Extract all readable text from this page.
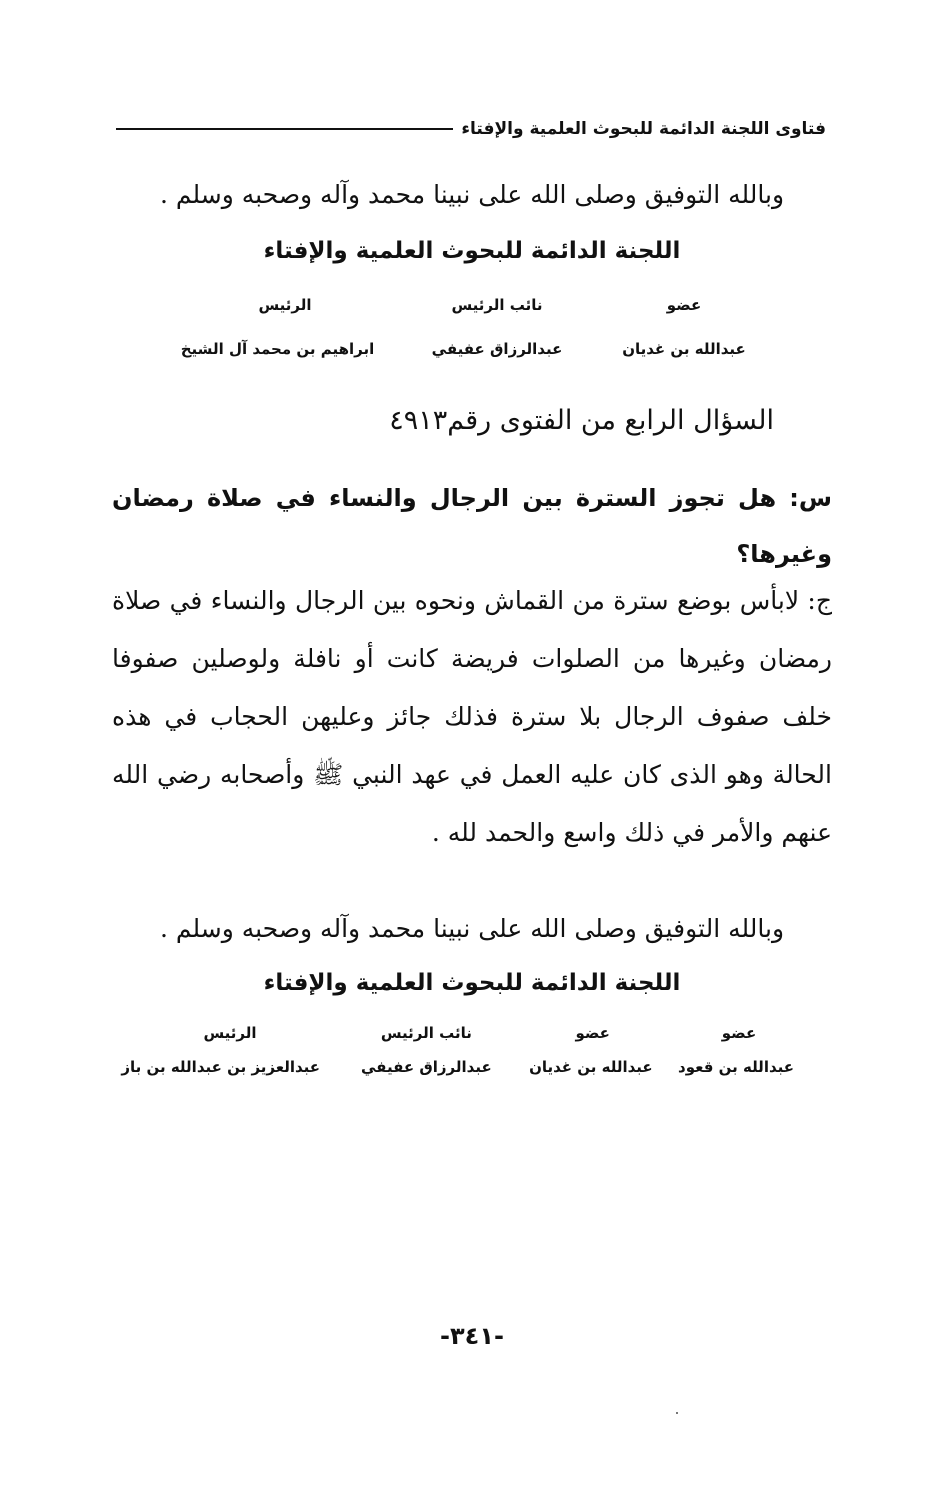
فتاوى اللجنة الدائمة للبحوث العلمية والإفتاء
وبالله التوفيق وصلى الله على نبينا محمد وآله وصحبه وسلم .
اللجنة الدائمة للبحوث العلمية والإفتاء
عضو
نائب الرئيس
الرئيس
عبدالله بن غديان
عبدالرزاق عفيفي
ابراهيم بن محمد آل الشيخ
السؤال الرابع من الفتوى رقم٤٩١٣
س: هل تجوز السترة بين الرجال والنساء في صلاة رمضان وغيرها؟
ج: لابأس بوضع سترة من القماش ونحوه بين الرجال والنساء في صلاة رمضان وغيرها من الصلوات فريضة كانت أو نافلة ولوصلين صفوفا خلف صفوف الرجال بلا سترة فذلك جائز وعليهن الحجاب في هذه الحالة وهو الذى كان عليه العمل في عهد النبي ﷺ وأصحابه رضي الله عنهم والأمر في ذلك واسع والحمد لله .
وبالله التوفيق وصلى الله على نبينا محمد وآله وصحبه وسلم .
اللجنة الدائمة للبحوث العلمية والإفتاء
عضو
عضو
نائب الرئيس
الرئيس
عبدالله بن قعود
عبدالله بن غديان
عبدالرزاق عفيفي
عبدالعزيز بن عبدالله بن باز
-٣٤١-
